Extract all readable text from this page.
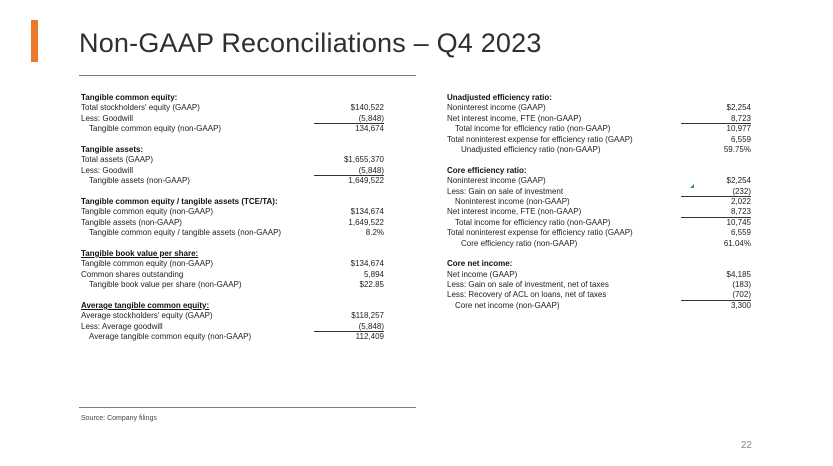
Non-GAAP Reconciliations – Q4 2023
Tangible common equity:
Total stockholders' equity (GAAP)	$140,522
Less: Goodwill	(5,848)
Tangible common equity (non-GAAP)	134,674
Tangible assets:
Total assets (GAAP)	$1,655,370
Less: Goodwill	(5,848)
Tangible assets (non-GAAP)	1,649,522
Tangible common equity / tangible assets (TCE/TA):
Tangible common equity (non-GAAP)	$134,674
Tangible assets (non-GAAP)	1,649,522
Tangible common equity / tangible assets (non-GAAP)	8.2%
Tangible book value per share:
Tangible common equity (non-GAAP)	$134,674
Common shares outstanding	5,894
Tangible book value per share (non-GAAP)	$22.85
Average tangible common equity:
Average stockholders' equity (GAAP)	$118,257
Less: Average goodwill	(5,848)
Average tangible common equity (non-GAAP)	112,409
Unadjusted efficiency ratio:
Noninterest income (GAAP)	$2,254
Net interest income, FTE (non-GAAP)	8,723
Total income for efficiency ratio (non-GAAP)	10,977
Total noninterest expense for efficiency ratio (GAAP)	6,559
Unadjusted efficiency ratio (non-GAAP)	59.75%
Core efficiency ratio:
Noninterest income (GAAP)	$2,254
Less: Gain on sale of investment	(232)
Noninterest income (non-GAAP)	2,022
Net interest income, FTE (non-GAAP)	8,723
Total income for efficiency ratio (non-GAAP)	10,745
Total noninterest expense for efficiency ratio (GAAP)	6,559
Core efficiency ratio (non-GAAP)	61.04%
Core net income:
Net income (GAAP)	$4,185
Less: Gain on sale of investment, net of taxes	(183)
Less: Recovery of ACL on loans, net of taxes	(702)
Core net income (non-GAAP)	3,300
Source: Company filings
22
